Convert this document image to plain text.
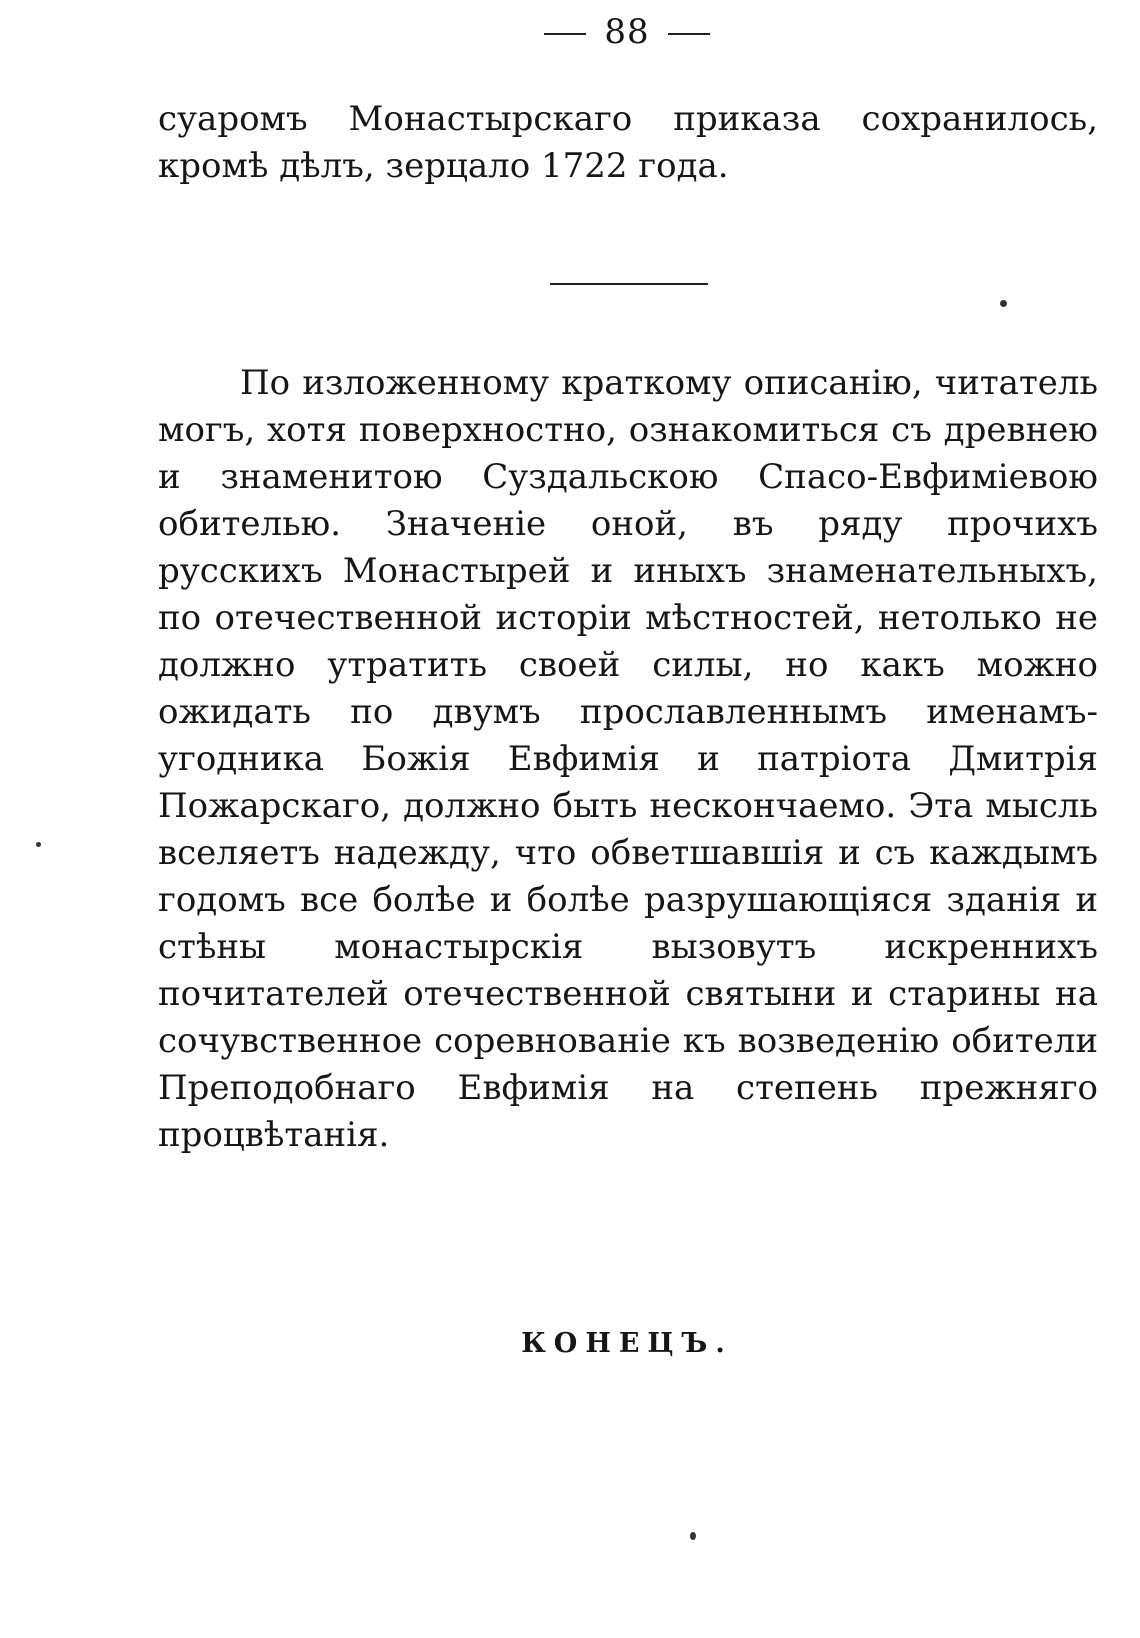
88
суаромъ Монастырскаго приказа сохранилось, кромѣ дѣлъ, зерцало 1722 года.
По изложенному краткому описанію, читатель могъ, хотя поверхностно, ознакомиться съ древнею и знаменитою Суздальскою Спасо-Евфиміевою обителью. Значеніе оной, въ ряду прочихъ русскихъ Монастырей и иныхъ знаменательныхъ, по отечественной исторіи мѣстностей, нетолько не должно утратить своей силы, но какъ можно ожидать по двумъ прославленнымъ именамъ-угодника Божія Евфимія и патріота Дмитрія Пожарскаго, должно быть нескончаемо. Эта мысль вселяетъ надежду, что обветшавшія и съ каждымъ годомъ все болѣе и болѣе разрушающіяся зданія и стѣны монастырскія вызовутъ искреннихъ почитателей отечественной святыни и старины на сочувственное соревнованіе къ возведенію обители Преподобнаго Евфимія на степень прежняго процвѣтанія.
КОНЕЦЪ.
